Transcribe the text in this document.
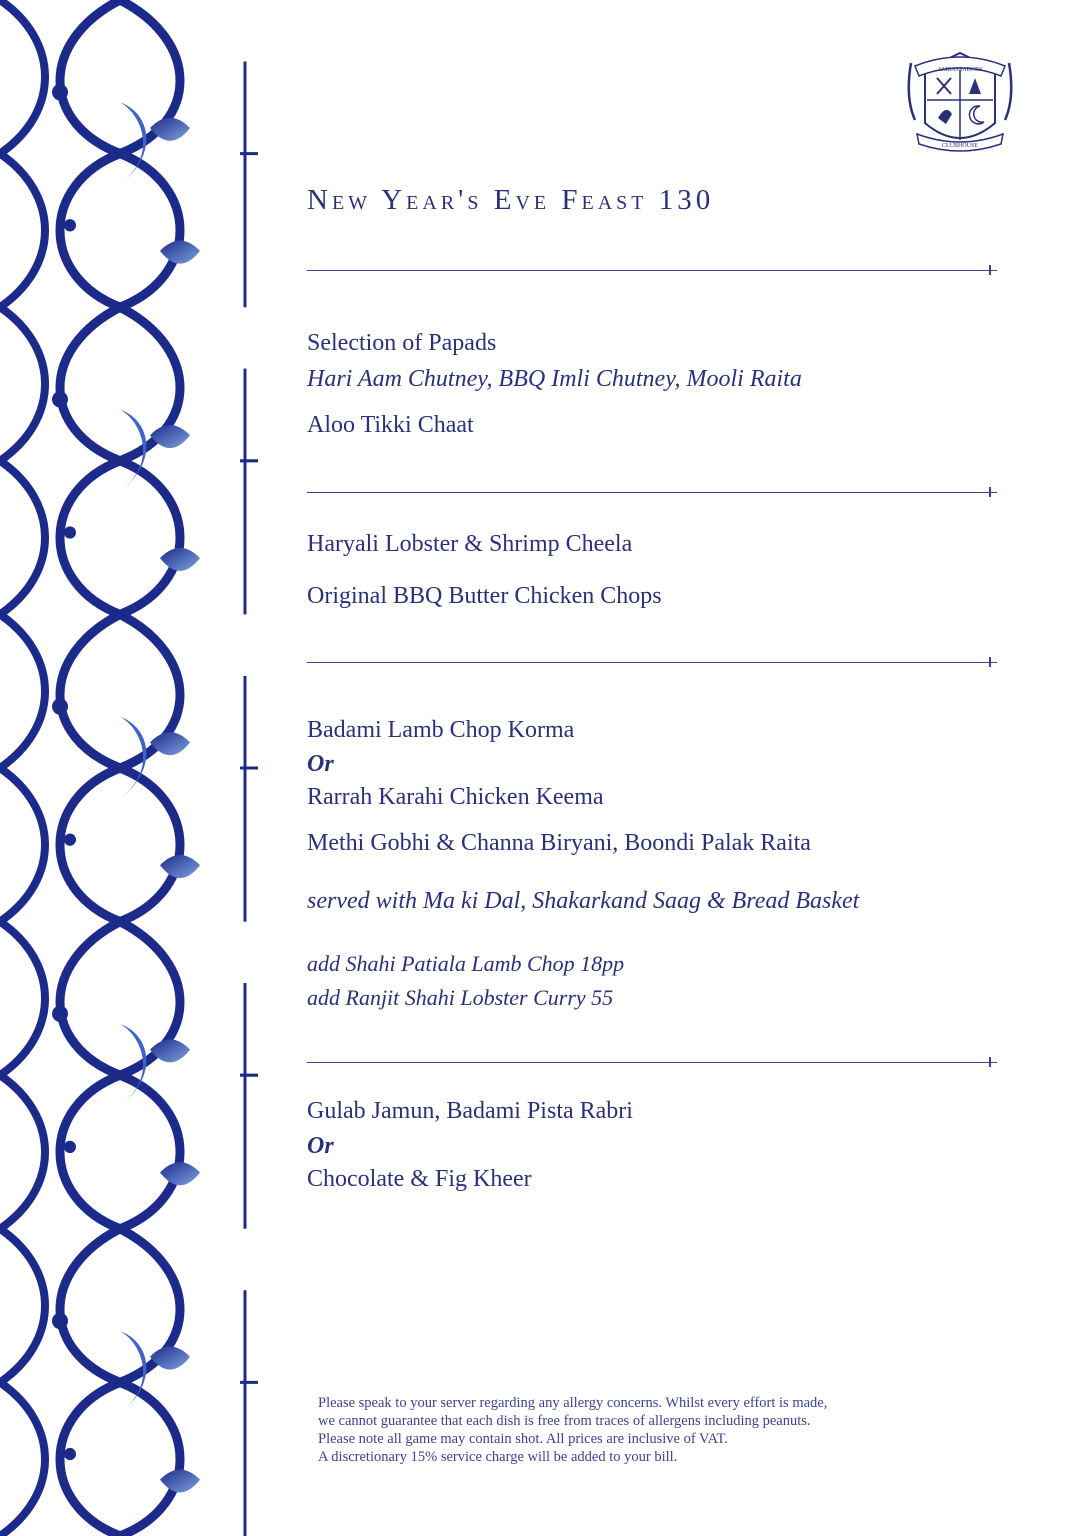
AMBASSADORS
CLUBHOUSE
New Year's Eve Feast 130
Selection of Papads
Hari Aam Chutney, BBQ Imli Chutney, Mooli Raita
Aloo Tikki Chaat
Haryali Lobster & Shrimp Cheela
Original BBQ Butter Chicken Chops
Badami Lamb Chop Korma
Or
Rarrah Karahi Chicken Keema
Methi Gobhi & Channa Biryani, Boondi Palak Raita
served with Ma ki Dal, Shakarkand Saag & Bread Basket
add Shahi Patiala Lamb Chop 18pp
add Ranjit Shahi Lobster Curry 55
Gulab Jamun, Badami Pista Rabri
Or
Chocolate & Fig Kheer
Please speak to your server regarding any allergy concerns. Whilst every effort is made,
we cannot guarantee that each dish is free from traces of allergens including peanuts.
Please note all game may contain shot. All prices are inclusive of VAT.
A discretionary 15% service charge will be added to your bill.
